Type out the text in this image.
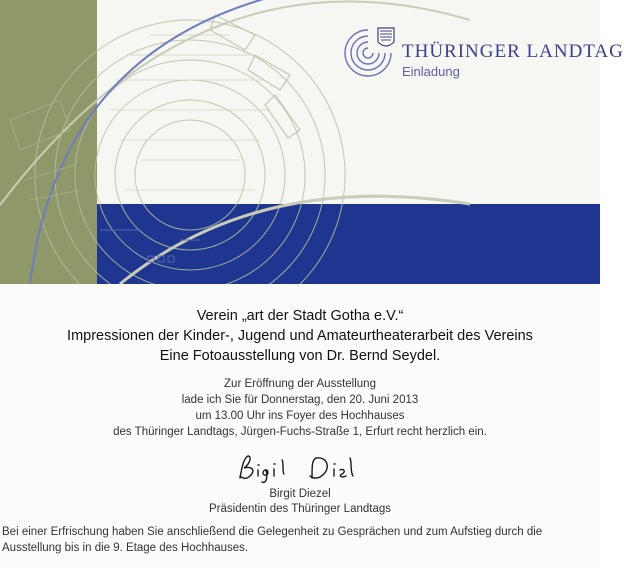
THÜRINGER LANDTAG
Einladung
Verein „art der Stadt Gotha e.V.“
Impressionen der Kinder-, Jugend und Amateurtheaterarbeit des Vereins
Eine Fotoausstellung von Dr. Bernd Seydel.
Zur Eröffnung der Ausstellung
lade ich Sie für Donnerstag, den 20. Juni 2013
um 13.00 Uhr ins Foyer des Hochhauses
des Thüringer Landtags, Jürgen-Fuchs-Straße 1, Erfurt recht herzlich ein.
Birgit Diezel
Präsidentin des Thüringer Landtags
Bei einer Erfrischung haben Sie anschließend die Gelegenheit zu Gesprächen und zum Aufstieg durch die
Ausstellung bis in die 9. Etage des Hochhauses.
